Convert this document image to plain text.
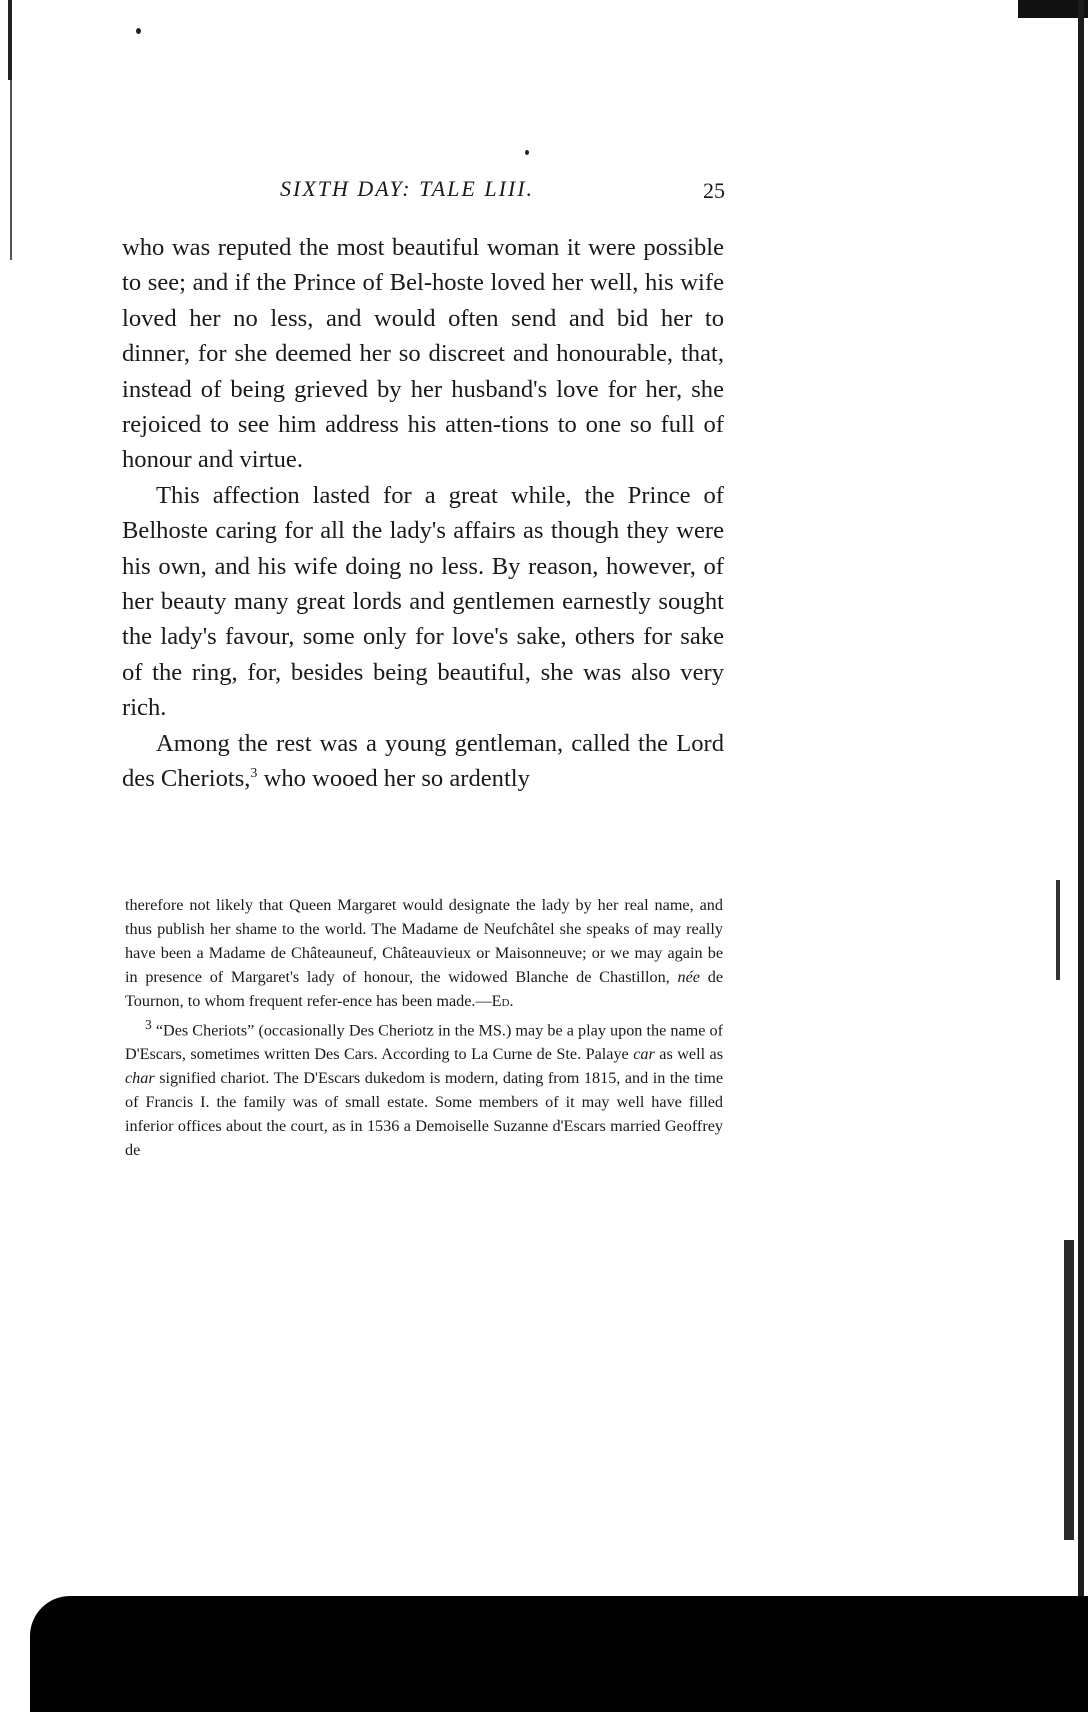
SIXTH DAY: TALE LIII.	25

who was reputed the most beautiful woman it were possible to see; and if the Prince of Bel-hoste loved her well, his wife loved her no less, and would often send and bid her to dinner, for she deemed her so discreet and honourable, that, instead of being grieved by her husband's love for her, she rejoiced to see him address his atten-tions to one so full of honour and virtue.

This affection lasted for a great while, the Prince of Belhoste caring for all the lady's affairs as though they were his own, and his wife doing no less. By reason, however, of her beauty many great lords and gentlemen earnestly sought the lady's favour, some only for love's sake, others for sake of the ring, for, besides being beautiful, she was also very rich.

Among the rest was a young gentleman, called the Lord des Cheriots,$^3$ who wooed her so ardently

therefore not likely that Queen Margaret would designate the lady by her real name, and thus publish her shame to the world. The Madame de Neufchâtel she speaks of may really have been a Madame de Châteauneuf, Châteauvieux or Maisonneuve; or we may again be in presence of Margaret's lady of honour, the widowed Blanche de Chastillon, née de Tournon, to whom frequent refer-ence has been made.—Ed.

$^3$ “Des Cheriots” (occasionally Des Cheriotz in the MS.) may be a play upon the name of D'Escars, sometimes written Des Cars. According to La Curne de Ste. Palaye car as well as char signified chariot. The D'Escars dukedom is modern, dating from 1815, and in the time of Francis I. the family was of small estate. Some members of it may well have filled inferior offices about the court, as in 1536 a Demoiselle Suzanne d'Escars married Geoffrey de
